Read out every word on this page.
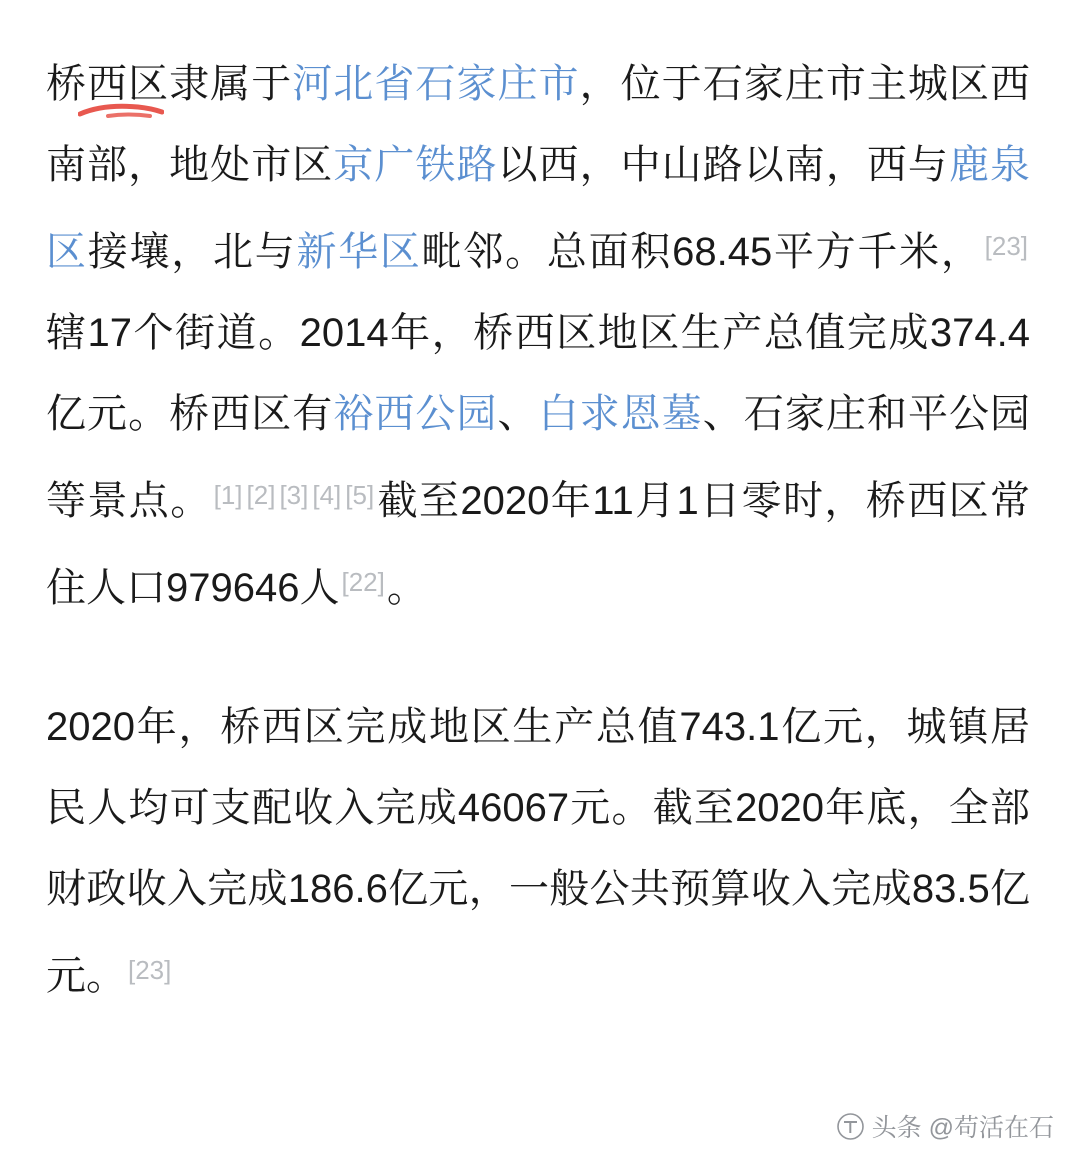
桥西区隶属于河北省石家庄市，位于石家庄市主城区西南部，地处市区京广铁路以西，中山路以南，西与鹿泉区接壤，北与新华区毗邻。总面积68.45平方千米，[23]辖17个街道。2014年，桥西区地区生产总值完成374.4亿元。桥西区有裕西公园、白求恩墓、石家庄和平公园等景点。[1] [2] [3] [4] [5]截至2020年11月1日零时，桥西区常住人口979646人[22]。
2020年，桥西区完成地区生产总值743.1亿元，城镇居民人均可支配收入完成46067元。截至2020年底，全部财政收入完成186.6亿元，一般公共预算收入完成83.5亿元。[23]
头条 @苟活在石
